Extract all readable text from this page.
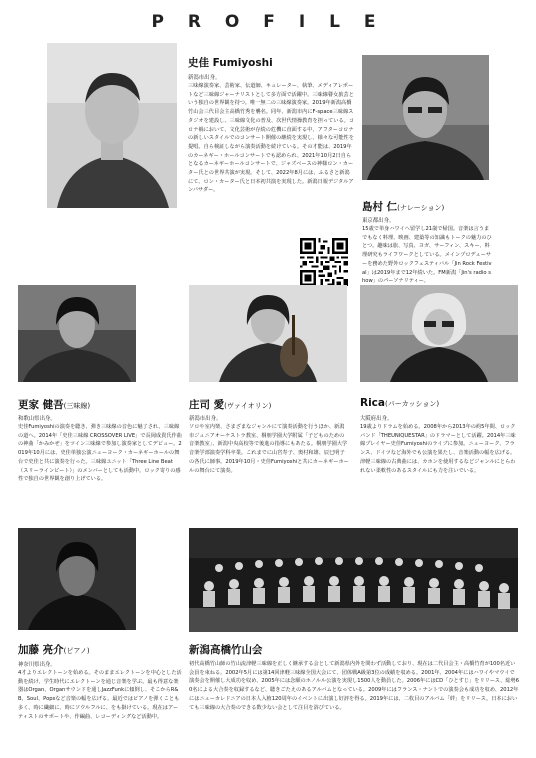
P R O F I L E
史佳 Fumiyoshi
新潟市出身。
三味線演奏家、芸術家、伝道師、キュレーター、執筆、メディアレポートなど三味線ジャーナリストとして多方面で活躍中。三味線瞽女旅芸という独自の世界観を持つ。唯一無二の三味線演奏家。2019年新潟高橋竹山会三代目会主高橋竹秀を襲名。同年、新潟市内にF-space三味線スタジオを建設し、三味線文化の普及、次世代情操教育を担っている。コロナ禍において、文化芸術が存続の危機に直面する中、アフターコロナの新しいスタイルでのコンサート開催の継続を実現し、様々な可能性を提唱。自ら検証しながら演奏活動を続けている。その才能は、2019年のカーネギー・ホールコンサートでも認められ、2021年10月2日自らとなるカーネギーホールコンサートで、ジャズベースの神様ロン・カーター氏との世界共演が実現。そして、2022年8月には、ふるさと新潟にて、ロン・カーター氏と日本初共演を実現した。新潟日報デジタルアンバサダー。
島村 仁(ナレーション)
東京都出身。
15歳で単身ハワイへ留学し21歳で帰国。音楽は言うまでもなく料理、映画、建築等の知識もトークの魅力のひとつ。趣味は旅、写真、ヨガ、サーフィン、スキー、料理研究もライフワークとしている。メインプロデューサーを務めた野外ロックフェスティバル「Jin Rock Festival」は2019年まで12年続いた。FM新潟「Jin's radio show」のパーソナリティー。
更家 健吾(三味線)
和歌山県出身。
史佳Fumiyoshiの演奏を聴き、弾き三味線の音色に魅了され、三味線の道へ。2014年「史佳三味線 CROSSOVER LIVE」で長岡成貴氏作曲の神曲「かみかぜ」をツイン三味線で参加し演奏家としてデビュー。2019年10月には、史佳単独公演ニューヨーク・カーネギーホールの舞台で史佳と共に演奏を行った。三味線ユニット「Three Line Beat（スリーラインビート）」のメンバーとしても活動中。ロック寄りの感性で独自の世界観を創り上げている。
庄司 愛(ヴァイオリン)
新潟市出身。
ソロや室内楽、さまざまなジャンルにて演奏活動を行うほか、新潟市ジュニアオーケストラ教室、桐朋学園大学附属「子どものための音楽教室」、新潟中央高校等で後進の指導にもあたる。桐朋学園大学音楽学部演奏学科卒業。これまでに山宮寿子、奥村和雄、辰巳明子の各氏に師事。2019年10月・史佳Fumiyoshiと共にカーネギーホールの舞台にて演奏。
Rica(パーカッション)
大阪府出身。
19歳よりドラムを始める。2008年から2013年の約5年間、ロックバンド「THEUNIQUESTAR」のドラマーとして活躍。2014年三味線プレイヤー史佳Fumiyoshiのライブに参加。ニューヨーク、フランス、ドイツなど海外でも公演を果たし、音楽活動の幅を広げる。津軽三味線の古典曲には、カホンを使用するなどジャンルにとらわれない柔軟性のあるスタイルにも力を注いでいる。
加藤 亮介(ピアノ)
神奈川県出身。
4才よりエレクトーンを始める。そのままエレクトーンを中心とした活動を続け、学生時代にエレクトーンを通じ音楽を学ぶ。最も得意な楽器はOrgan、Organサウンドを通しJazzFunkに傾倒し、そこからR&B、Soul、Popsなど音楽の幅を広げる。最近ではピアノを弾くことも多く、時に繊細に、時にソウルフルに、をも掛けている。現在はアーティストのサポートや、作編曲、レコーディングなど活動中。
新潟高橋竹山会
初代高橋竹山師の竹山流津軽三味線を正しく継承する会として新潟県内外を問わず活動しており、現在は二代目会主・高橋竹育が100名近い会員を束ねる。2002年5月には第14回津軽三味線全国大会にて、団体戦A級第3位の成績を収める。2001年、2004年にはハワイやマウイで演奏会を開催し大成功を収め、2005年には念願のホノルル公演を実現し1500人を動員した。2006年にはCD「ひとすじ」をリリース、総勢60名による大合奏を収録するなど、聴きごたえのあるアルバムとなっている。2009年にはフランス・ナントでの演奏会も成功を収め、2012年にはニューカレドニアの日本人入植120周年のイベントに出演し好評を得る。2019年には、二枚目のアルバム「絆」をリリース。日本においても三味線の大合奏のできる数少ない会として注目を浴びている。
